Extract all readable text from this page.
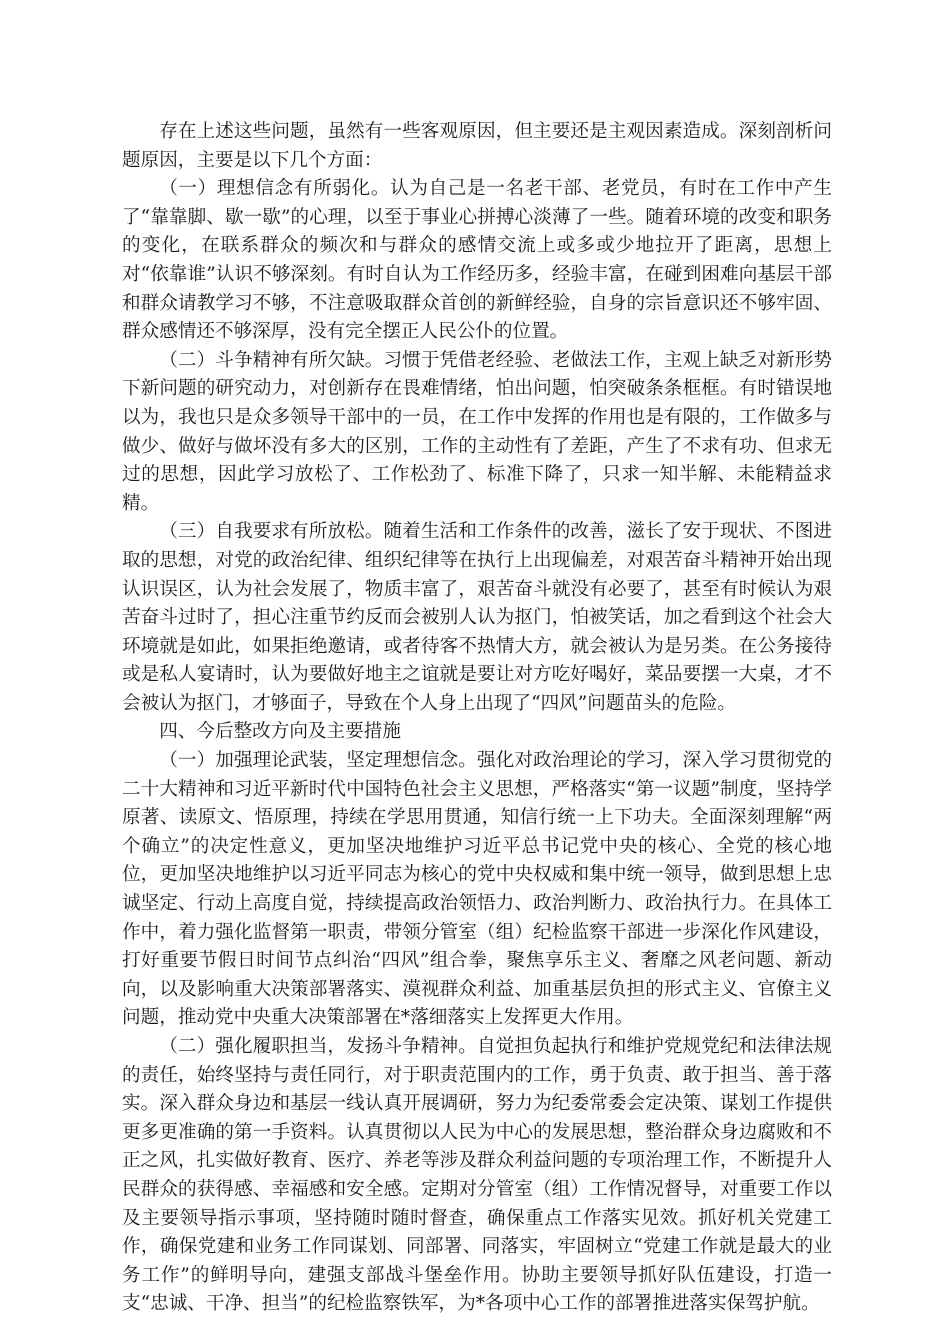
存在上述这些问题，虽然有一些客观原因，但主要还是主观因素造成。深刻剖析问题原因，主要是以下几个方面：

（一）理想信念有所弱化。认为自己是一名老干部、老党员，有时在工作中产生了“靠靠脚、歇一歇”的心理，以至于事业心拼搏心淡薄了一些。随着环境的改变和职务的变化，在联系群众的频次和与群众的感情交流上或多或少地拉开了距离，思想上对“依靠谁”认识不够深刻。有时自认为工作经历多，经验丰富，在碰到困难向基层干部和群众请教学习不够，不注意吸取群众首创的新鲜经验，自身的宗旨意识还不够牢固、群众感情还不够深厚，没有完全摆正人民公仆的位置。

（二）斗争精神有所欠缺。习惯于凭借老经验、老做法工作，主观上缺乏对新形势下新问题的研究动力，对创新存在畏难情绪，怕出问题，怕突破条条框框。有时错误地以为，我也只是众多领导干部中的一员，在工作中发挥的作用也是有限的，工作做多与做少、做好与做坏没有多大的区别，工作的主动性有了差距，产生了不求有功、但求无过的思想，因此学习放松了、工作松劲了、标准下降了，只求一知半解、未能精益求精。

（三）自我要求有所放松。随着生活和工作条件的改善，滋长了安于现状、不图进取的思想，对党的政治纪律、组织纪律等在执行上出现偏差，对艰苦奋斗精神开始出现认识误区，认为社会发展了，物质丰富了，艰苦奋斗就没有必要了，甚至有时候认为艰苦奋斗过时了，担心注重节约反而会被别人认为抠门，怕被笑话，加之看到这个社会大环境就是如此，如果拒绝邀请，或者待客不热情大方，就会被认为是另类。在公务接待或是私人宴请时，认为要做好地主之谊就是要让对方吃好喝好，菜品要摆一大桌，才不会被认为抠门，才够面子，导致在个人身上出现了“四风”问题苗头的危险。

四、今后整改方向及主要措施

（一）加强理论武装，坚定理想信念。强化对政治理论的学习，深入学习贯彻党的二十大精神和习近平新时代中国特色社会主义思想，严格落实“第一议题”制度，坚持学原著、读原文、悟原理，持续在学思用贯通，知信行统一上下功夫。全面深刻理解“两个确立”的决定性意义，更加坚决地维护习近平总书记党中央的核心、全党的核心地位，更加坚决地维护以习近平同志为核心的党中央权威和集中统一领导，做到思想上忠诚坚定、行动上高度自觉，持续提高政治领悟力、政治判断力、政治执行力。在具体工作中，着力强化监督第一职责，带领分管室（组）纪检监察干部进一步深化作风建设，打好重要节假日时间节点纠治“四风”组合拳，聚焦享乐主义、奢靡之风老问题、新动向，以及影响重大决策部署落实、漠视群众利益、加重基层负担的形式主义、官僚主义问题，推动党中央重大决策部署在*落细落实上发挥更大作用。

（二）强化履职担当，发扬斗争精神。自觉担负起执行和维护党规党纪和法律法规的责任，始终坚持与责任同行，对于职责范围内的工作，勇于负责、敢于担当、善于落实。深入群众身边和基层一线认真开展调研，努力为纪委常委会定决策、谋划工作提供更多更准确的第一手资料。认真贯彻以人民为中心的发展思想，整治群众身边腐败和不正之风，扎实做好教育、医疗、养老等涉及群众利益问题的专项治理工作，不断提升人民群众的获得感、幸福感和安全感。定期对分管室（组）工作情况督导，对重要工作以及主要领导指示事项，坚持随时随时督查，确保重点工作落实见效。抓好机关党建工作，确保党建和业务工作同谋划、同部署、同落实，牢固树立“党建工作就是最大的业务工作”的鲜明导向，建强支部战斗堡垒作用。协助主要领导抓好队伍建设，打造一支“忠诚、干净、担当”的纪检监察铁军，为*各项中心工作的部署推进落实保驾护航。
